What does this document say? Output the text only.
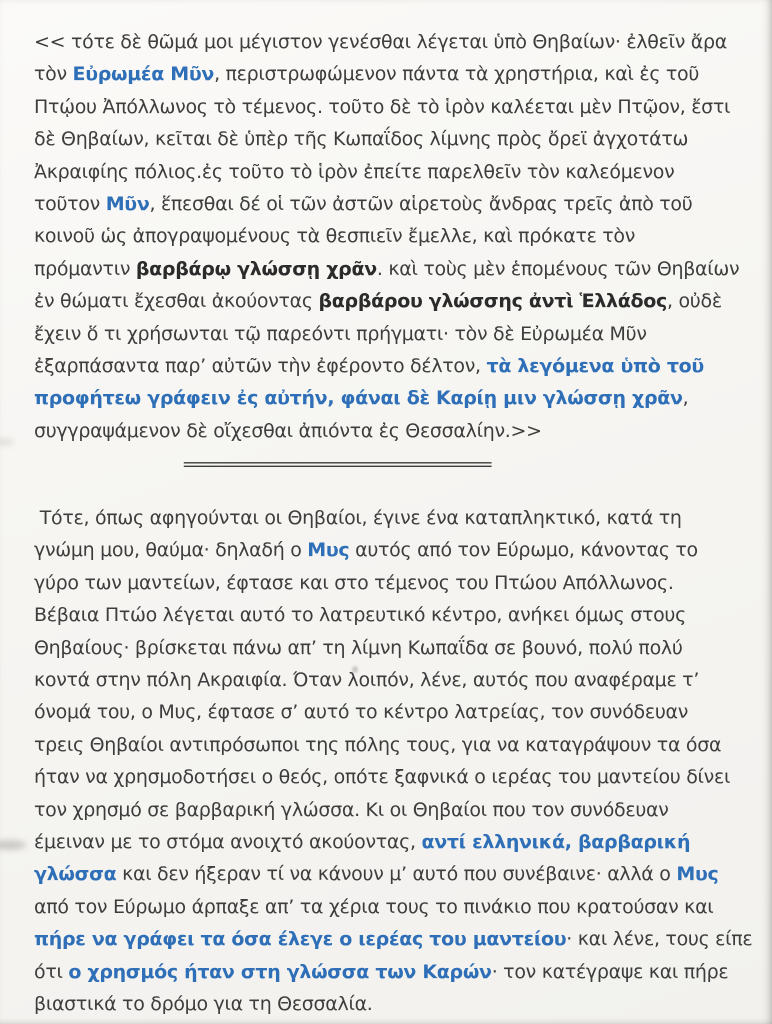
<< τότε δὲ θῶμά μοι μέγιστον γενέσθαι λέγεται ὑπὸ Θηβαίων· ἐλθεῖν ἄρα
τὸν Εὐρωμέα Μῦν, περιστρωφώμενον πάντα τὰ χρηστήρια, καὶ ἐς τοῦ
Πτῴου Ἀπόλλωνος τὸ τέμενος. τοῦτο δὲ τὸ ἱρὸν καλέεται μὲν Πτῷον, ἔστι
δὲ Θηβαίων, κεῖται δὲ ὑπὲρ τῆς Κωπαΐδος λίμνης πρὸς ὄρεϊ ἀγχοτάτω
Ἀκραιφίης πόλιος.ἐς τοῦτο τὸ ἱρὸν ἐπείτε παρελθεῖν τὸν καλεόμενον
τοῦτον Μῦν, ἕπεσθαι δέ οἱ τῶν ἀστῶν αἱρετοὺς ἄνδρας τρεῖς ἀπὸ τοῦ
κοινοῦ ὡς ἀπογραψομένους τὰ θεσπιεῖν ἔμελλε, καὶ πρόκατε τὸν
πρόμαντιν βαρβάρῳ γλώσσῃ χρᾶν. καὶ τοὺς μὲν ἑπομένους τῶν Θηβαίων
ἐν θώματι ἔχεσθαι ἀκούοντας βαρβάρου γλώσσης ἀντὶ Ἑλλάδος, οὐδὲ
ἔχειν ὅ τι χρήσωνται τῷ παρεόντι πρήγματι· τὸν δὲ Εὐρωμέα Μῦν
ἐξαρπάσαντα παρ’ αὐτῶν τὴν ἐφέροντο δέλτον, τὰ λεγόμενα ὑπὸ τοῦ
προφήτεω γράφειν ἐς αὐτήν, φάναι δὲ Καρίῃ μιν γλώσσῃ χρᾶν,
συγγραψάμενον δὲ οἴχεσθαι ἀπιόντα ἐς Θεσσαλίην.>>
==============================
Τότε, όπως αφηγούνται οι Θηβαίοι, έγινε ένα καταπληκτικό, κατά τη
γνώμη μου, θαύμα· δηλαδή ο Μυς αυτός από τον Εύρωμο, κάνοντας το
γύρο των μαντείων, έφτασε και στο τέμενος του Πτώου Απόλλωνος.
Βέβαια Πτώο λέγεται αυτό το λατρευτικό κέντρο, ανήκει όμως στους
Θηβαίους· βρίσκεται πάνω απ’ τη λίμνη Κωπαΐδα σε βουνό, πολύ πολύ
κοντά στην πόλη Ακραιφία. Όταν λοιπόν, λένε, αυτός που αναφέραμε τ’
όνομά του, ο Μυς, έφτασε σ’ αυτό το κέντρο λατρείας, τον συνόδευαν
τρεις Θηβαίοι αντιπρόσωποι της πόλης τους, για να καταγράψουν τα όσα
ήταν να χρησμοδοτήσει ο θεός, οπότε ξαφνικά ο ιερέας του μαντείου δίνει
τον χρησμό σε βαρβαρική γλώσσα. Κι οι Θηβαίοι που τον συνόδευαν
έμειναν με το στόμα ανοιχτό ακούοντας, αντί ελληνικά, βαρβαρική
γλώσσα και δεν ήξεραν τί να κάνουν μ’ αυτό που συνέβαινε· αλλά ο Μυς
από τον Εύρωμο άρπαξε απ’ τα χέρια τους το πινάκιο που κρατούσαν και
πήρε να γράφει τα όσα έλεγε ο ιερέας του μαντείου· και λένε, τους είπε
ότι ο χρησμός ήταν στη γλώσσα των Καρών· τον κατέγραψε και πήρε
βιαστικά το δρόμο για τη Θεσσαλία.
